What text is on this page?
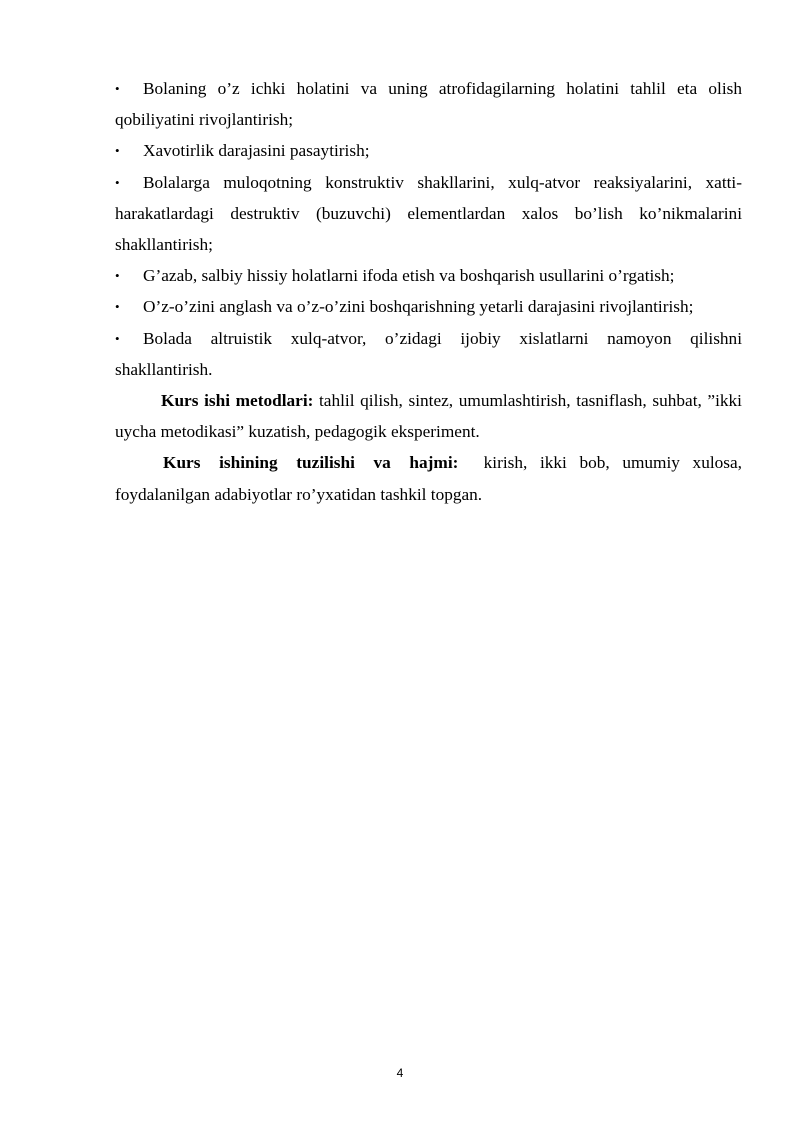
• Bolaning o’z ichki holatini va uning atrofidagilarning holatini tahlil eta olish qobiliyatini rivojlantirish;

• Xavotirlik darajasini pasaytirish;

• Bolalarga muloqotning konstruktiv shakllarini, xulq-atvor reaksiyalarini, xatti-harakatlardagi destruktiv (buzuvchi) elementlardan xalos bo’lish ko’nikmalarini shakllantirish;

• G’azab, salbiy hissiy holatlarni ifoda etish va boshqarish usullarini o’rgatish;

• O’z-o’zini anglash va o’z-o’zini boshqarishning yetarli darajasini rivojlantirish;

• Bolada altruistik xulq-atvor, o’zidagi ijobiy xislatlarni namoyon qilishni shakllantirish.

Kurs ishi metodlari: tahlil qilish, sintez, umumlashtirish, tasniflash, suhbat, ”ikki uycha metodikasi” kuzatish, pedagogik eksperiment.

Kurs ishining tuzilishi va hajmi:  kirish, ikki bob, umumiy xulosa, foydalanilgan adabiyotlar ro’yxatidan tashkil topgan.

4
